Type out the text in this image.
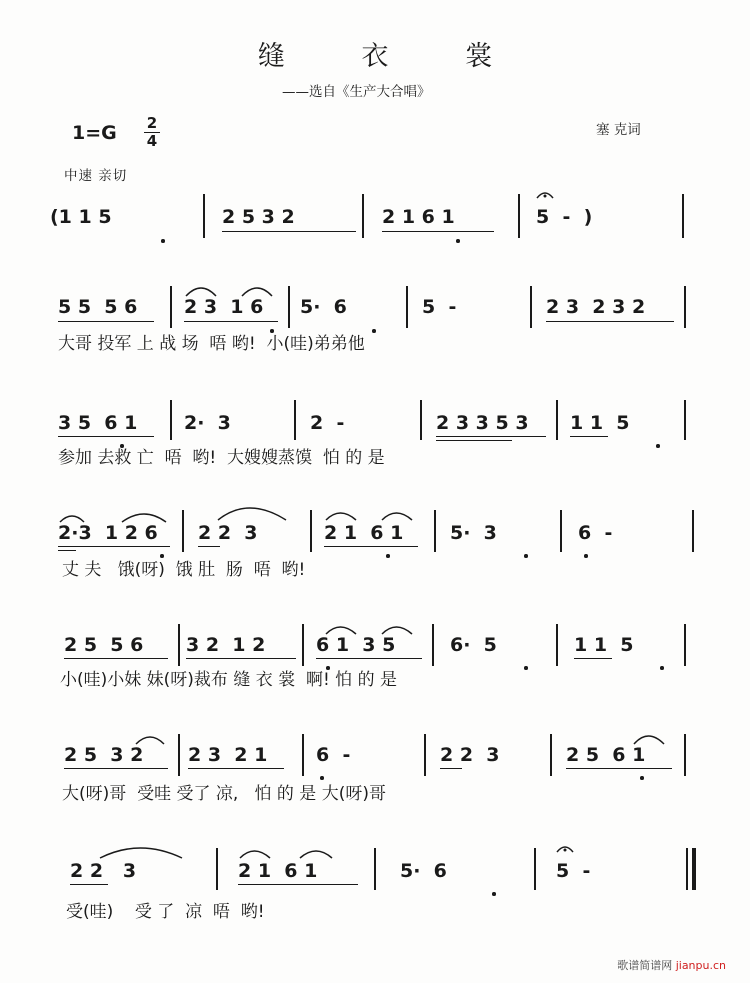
缝 衣 裳
——选自《生产大合唱》
1=G 2
4
塞 克词
中速 亲切
(1 1 5	2 5 3 2	2 1 6 1	5  -  )
5 5  5 6 2 3  1 6 5·  6	5  -	2 3  2 3 2
大哥 投军 上 战 场  唔 哟!  小(哇)弟弟他
3 5  6 1 2·  3	2  -	2 3 3 5 3 1 1  5
参加 去救 亡  唔  哟!  大嫂嫂蒸馍  怕 的 是
2·3  1 2 6 2 2  3	2 1  6 1 5·  3	6  -
丈 夫   饿(呀)  饿 肚  肠  唔  哟!
2 5  5 6 3 2  1 2	6 1  3 5	6·  5	1 1  5
小(哇)小妹 妹(呀)裁布 缝 衣 裳  啊! 怕 的 是
2 5  3 2 2 3  2 1	6  -	2 2  3	2 5  6 1
大(呀)哥  受哇 受了 凉,   怕 的 是 大(呀)哥
2 2   3	2 1  6 1	5·  6	5  -
受(哇)    受 了  凉  唔  哟!
歌谱简谱网 jianpu.cn
